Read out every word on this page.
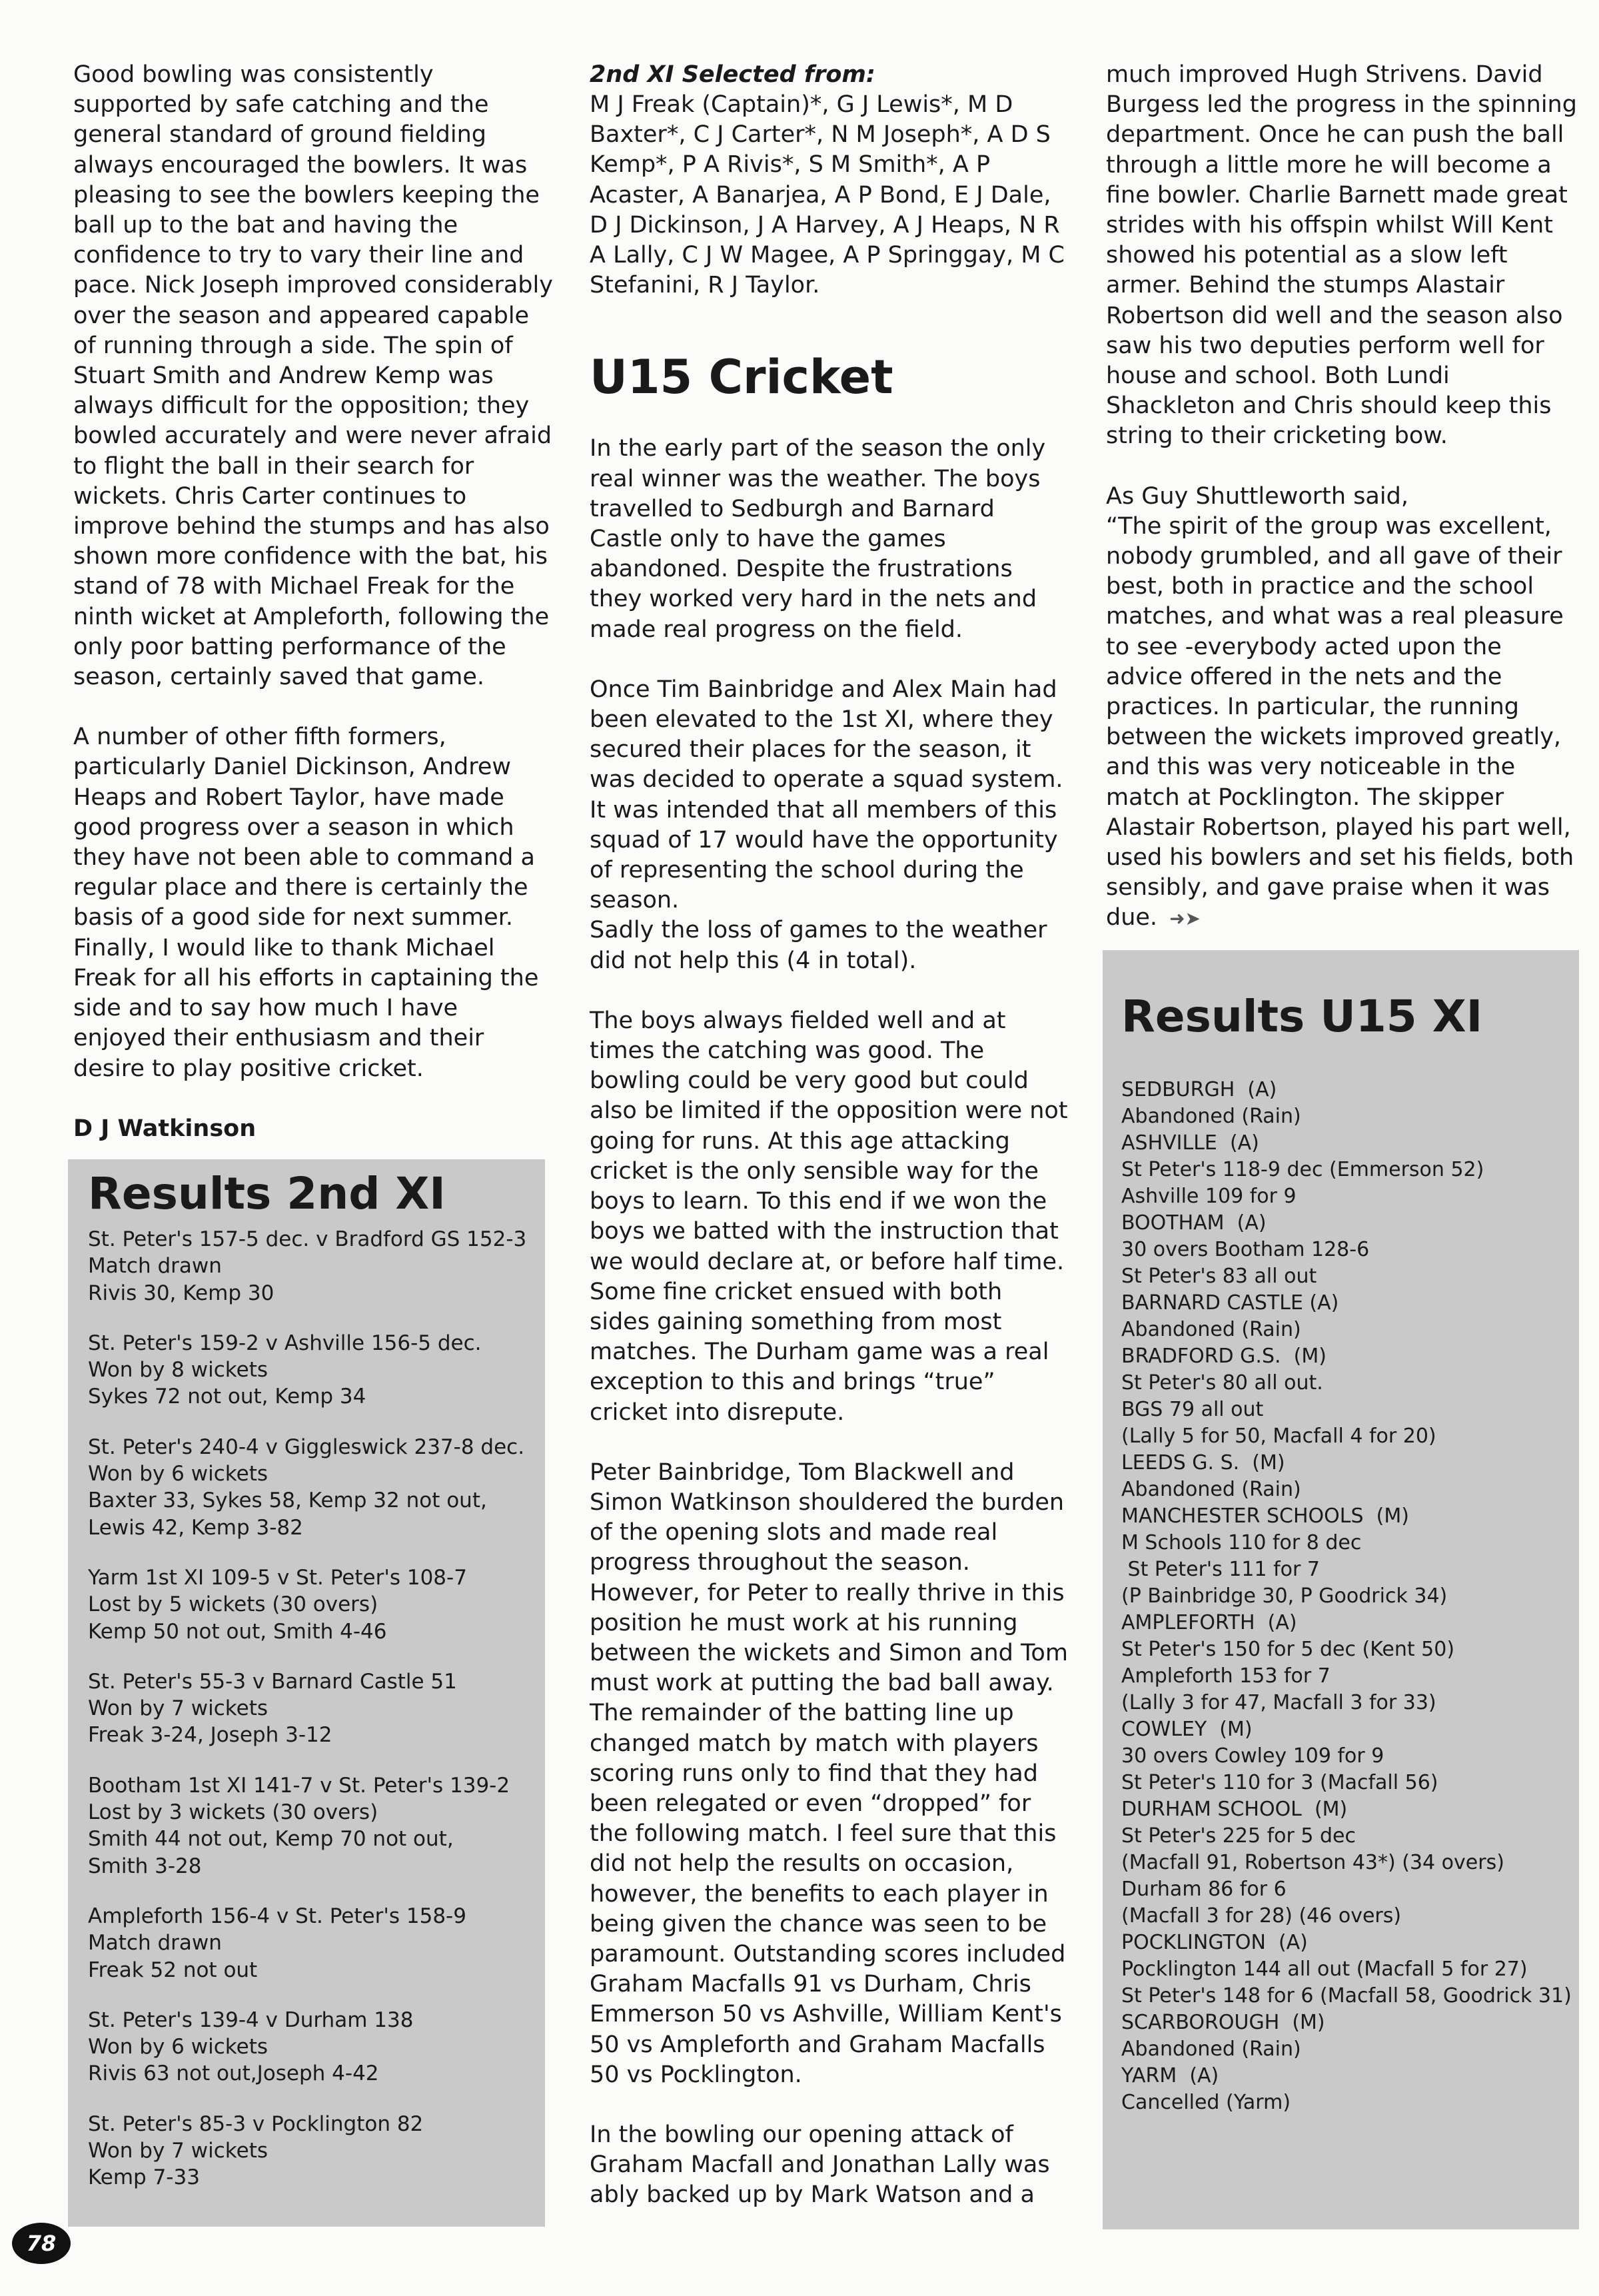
Good bowling was consistently supported by safe catching and the general standard of ground fielding always encouraged the bowlers. It was pleasing to see the bowlers keeping the ball up to the bat and having the confidence to try to vary their line and pace. Nick Joseph improved considerably over the season and appeared capable of running through a side. The spin of Stuart Smith and Andrew Kemp was always difficult for the opposition; they bowled accurately and were never afraid to flight the ball in their search for wickets. Chris Carter continues to improve behind the stumps and has also shown more confidence with the bat, his stand of 78 with Michael Freak for the ninth wicket at Ampleforth, following the only poor batting performance of the season, certainly saved that game.

A number of other fifth formers, particularly Daniel Dickinson, Andrew Heaps and Robert Taylor, have made good progress over a season in which they have not been able to command a regular place and there is certainly the basis of a good side for next summer. Finally, I would like to thank Michael Freak for all his efforts in captaining the side and to say how much I have enjoyed their enthusiasm and their desire to play positive cricket.

D J Watkinson

Results 2nd XI

St. Peter's 157-5 dec. v Bradford GS 152-3
Match drawn
Rivis 30, Kemp 30
St. Peter's 159-2 v Ashville 156-5 dec.
Won by 8 wickets
Sykes 72 not out, Kemp 34
St. Peter's 240-4 v Giggleswick 237-8 dec.
Won by 6 wickets
Baxter 33, Sykes 58, Kemp 32 not out,
Lewis 42, Kemp 3-82
Yarm 1st XI 109-5 v St. Peter's 108-7
Lost by 5 wickets (30 overs)
Kemp 50 not out, Smith 4-46
St. Peter's 55-3 v Barnard Castle 51
Won by 7 wickets
Freak 3-24, Joseph 3-12
Bootham 1st XI 141-7 v St. Peter's 139-2
Lost by 3 wickets (30 overs)
Smith 44 not out, Kemp 70 not out,
Smith 3-28
Ampleforth 156-4 v St. Peter's 158-9
Match drawn
Freak 52 not out
St. Peter's 139-4 v Durham 138
Won by 6 wickets
Rivis 63 not out,Joseph 4-42
St. Peter's 85-3 v Pocklington 82
Won by 7 wickets
Kemp 7-33

2nd XI Selected from:

M J Freak (Captain)*, G J Lewis*, M D Baxter*, C J Carter*, N M Joseph*, A D S Kemp*, P A Rivis*, S M Smith*, A P Acaster, A Banarjea, A P Bond, E J Dale, D J Dickinson, J A Harvey, A J Heaps, N R A Lally, C J W Magee, A P Springgay, M C Stefanini, R J Taylor.

U15 Cricket

In the early part of the season the only real winner was the weather. The boys travelled to Sedburgh and Barnard Castle only to have the games abandoned. Despite the frustrations they worked very hard in the nets and made real progress on the field.

Once Tim Bainbridge and Alex Main had been elevated to the 1st XI, where they secured their places for the season, it was decided to operate a squad system. It was intended that all members of this squad of 17 would have the opportunity of representing the school during the season.

Sadly the loss of games to the weather did not help this (4 in total).

The boys always fielded well and at times the catching was good. The bowling could be very good but could also be limited if the opposition were not going for runs. At this age attacking cricket is the only sensible way for the boys to learn. To this end if we won the boys we batted with the instruction that we would declare at, or before half time. Some fine cricket ensued with both sides gaining something from most matches. The Durham game was a real exception to this and brings “true” cricket into disrepute.

Peter Bainbridge, Tom Blackwell and Simon Watkinson shouldered the burden of the opening slots and made real progress throughout the season. However, for Peter to really thrive in this position he must work at his running between the wickets and Simon and Tom must work at putting the bad ball away. The remainder of the batting line up changed match by match with players scoring runs only to find that they had been relegated or even “dropped” for the following match. I feel sure that this did not help the results on occasion, however, the benefits to each player in being given the chance was seen to be paramount. Outstanding scores included Graham Macfalls 91 vs Durham, Chris Emmerson 50 vs Ashville, William Kent's 50 vs Ampleforth and Graham Macfalls 50 vs Pocklington.

In the bowling our opening attack of Graham Macfall and Jonathan Lally was ably backed up by Mark Watson and a

much improved Hugh Strivens. David Burgess led the progress in the spinning department. Once he can push the ball through a little more he will become a fine bowler. Charlie Barnett made great strides with his offspin whilst Will Kent showed his potential as a slow left armer. Behind the stumps Alastair Robertson did well and the season also saw his two deputies perform well for house and school. Both Lundi Shackleton and Chris should keep this string to their cricketing bow.

As Guy Shuttleworth said,

“The spirit of the group was excellent, nobody grumbled, and all gave of their best, both in practice and the school matches, and what was a real pleasure to see -everybody acted upon the advice offered in the nets and the practices. In particular, the running between the wickets improved greatly, and this was very noticeable in the match at Pocklington. The skipper Alastair Robertson, played his part well, used his bowlers and set his fields, both sensibly, and gave praise when it was due. ➜➤

Results U15 XI

SEDBURGH  (A)
Abandoned (Rain)
ASHVILLE  (A)
St Peter's 118-9 dec (Emmerson 52)
Ashville 109 for 9
BOOTHAM  (A)
30 overs Bootham 128-6
St Peter's 83 all out
BARNARD CASTLE (A)
Abandoned (Rain)
BRADFORD G.S.  (M)
St Peter's 80 all out.
BGS 79 all out
(Lally 5 for 50, Macfall 4 for 20)
LEEDS G. S.  (M)
Abandoned (Rain)
MANCHESTER SCHOOLS  (M)
M Schools 110 for 8 dec
St Peter's 111 for 7
(P Bainbridge 30, P Goodrick 34)
AMPLEFORTH  (A)
St Peter's 150 for 5 dec (Kent 50)
Ampleforth 153 for 7
(Lally 3 for 47, Macfall 3 for 33)
COWLEY  (M)
30 overs Cowley 109 for 9
St Peter's 110 for 3 (Macfall 56)
DURHAM SCHOOL  (M)
St Peter's 225 for 5 dec
(Macfall 91, Robertson 43*) (34 overs)
Durham 86 for 6
(Macfall 3 for 28) (46 overs)
POCKLINGTON  (A)
Pocklington 144 all out (Macfall 5 for 27)
St Peter's 148 for 6 (Macfall 58, Goodrick 31)
SCARBOROUGH  (M)
Abandoned (Rain)
YARM  (A)
Cancelled (Yarm)
78
